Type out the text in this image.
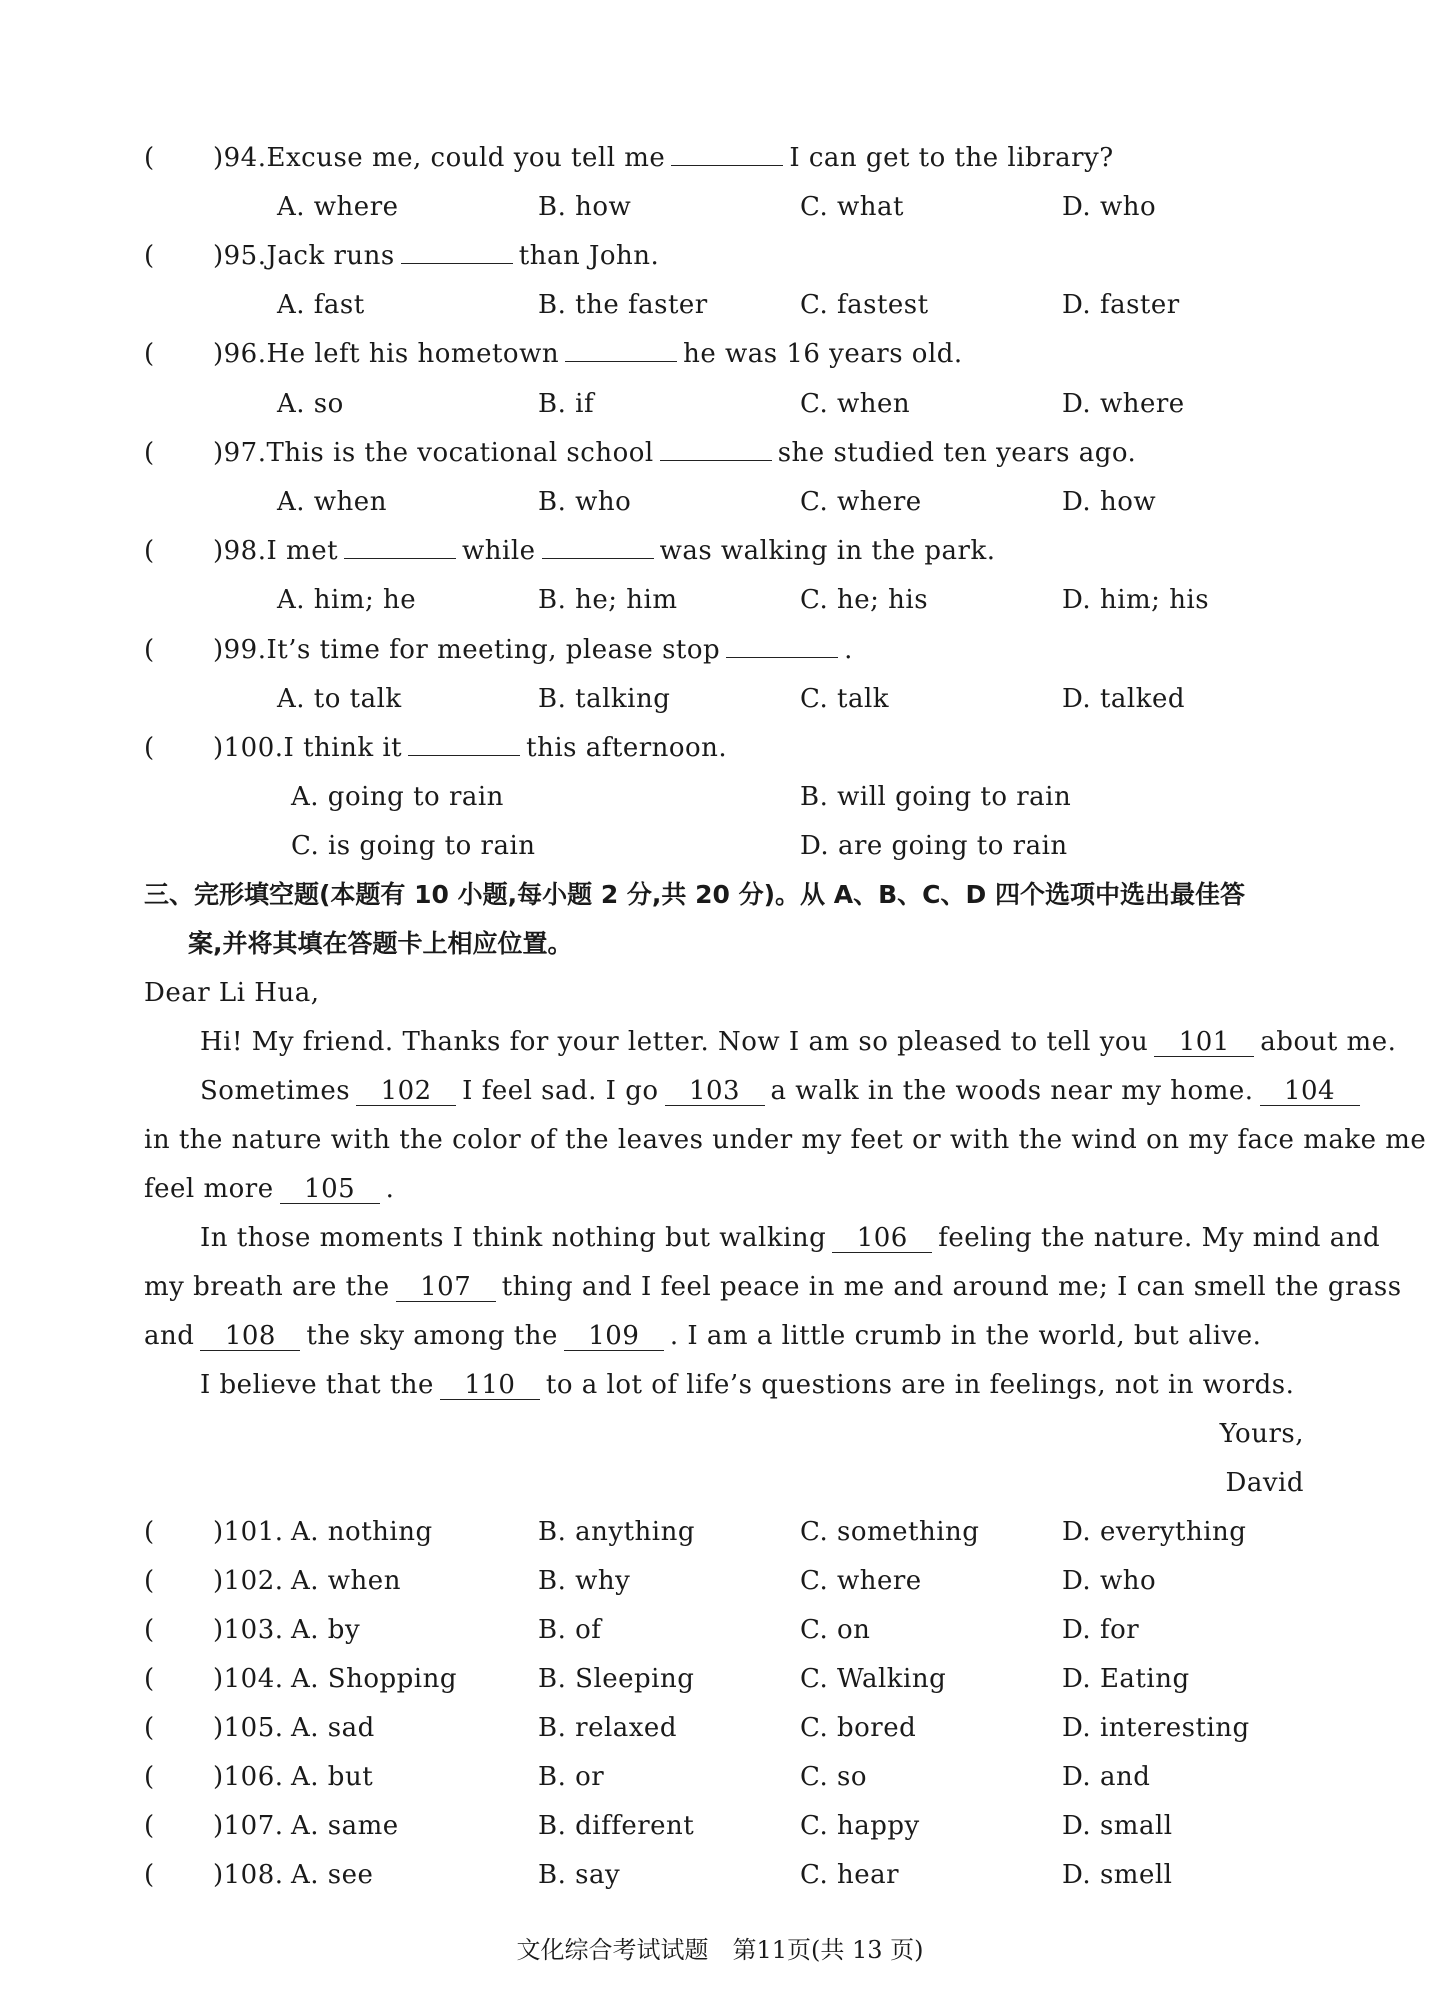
( )94.Excuse me, could you tell me	I can get to the library?
A. where	B. how	C. what	D. who
( )95.Jack runs	than John.
A. fast	B. the faster	C. fastest	D. faster
( )96.He left his hometown	he was 16 years old.
A. so	B. if	C. when	D. where
( )97.This is the vocational school	she studied ten years ago.
A. when	B. who	C. where	D. how
( )98.I met	while	was walking in the park.
A. him; he	B. he; him	C. he; his	D. him; his
( )99.It’s time for meeting, please stop	.
A. to talk	B. talking	C. talk	D. talked
( )100.I think it	this afternoon.
A. going to rain	B. will going to rain
C. is going to rain	D. are going to rain
三、完形填空题(本题有 10 小题,每小题 2 分,共 20 分)。从 A、B、C、D 四个选项中选出最佳答
案,并将其填在答题卡上相应位置。
Dear Li Hua,
Hi! My friend. Thanks for your letter. Now I am so pleased to tell you 101 about me.
Sometimes 102 I feel sad. I go 103 a walk in the woods near my home. 104
in the nature with the color of the leaves under my feet or with the wind on my face make me
feel more 105 .
In those moments I think nothing but walking 106 feeling the nature. My mind and
my breath are the 107 thing and I feel peace in me and around me; I can smell the grass
and 108 the sky among the 109 . I am a little crumb in the world, but alive.
I believe that the 110 to a lot of life’s questions are in feelings, not in words.
Yours,
David
( )101. A. nothing	B. anything	C. something	D. everything
( )102. A. when	B. why	C. where	D. who
( )103. A. by	B. of	C. on	D. for
( )104. A. Shopping	B. Sleeping	C. Walking	D. Eating
( )105. A. sad	B. relaxed	C. bored	D. interesting
( )106. A. but	B. or	C. so	D. and
( )107. A. same	B. different	C. happy	D. small
( )108. A. see	B. say	C. hear	D. smell
文化综合考试试题　第11页(共 13 页)
